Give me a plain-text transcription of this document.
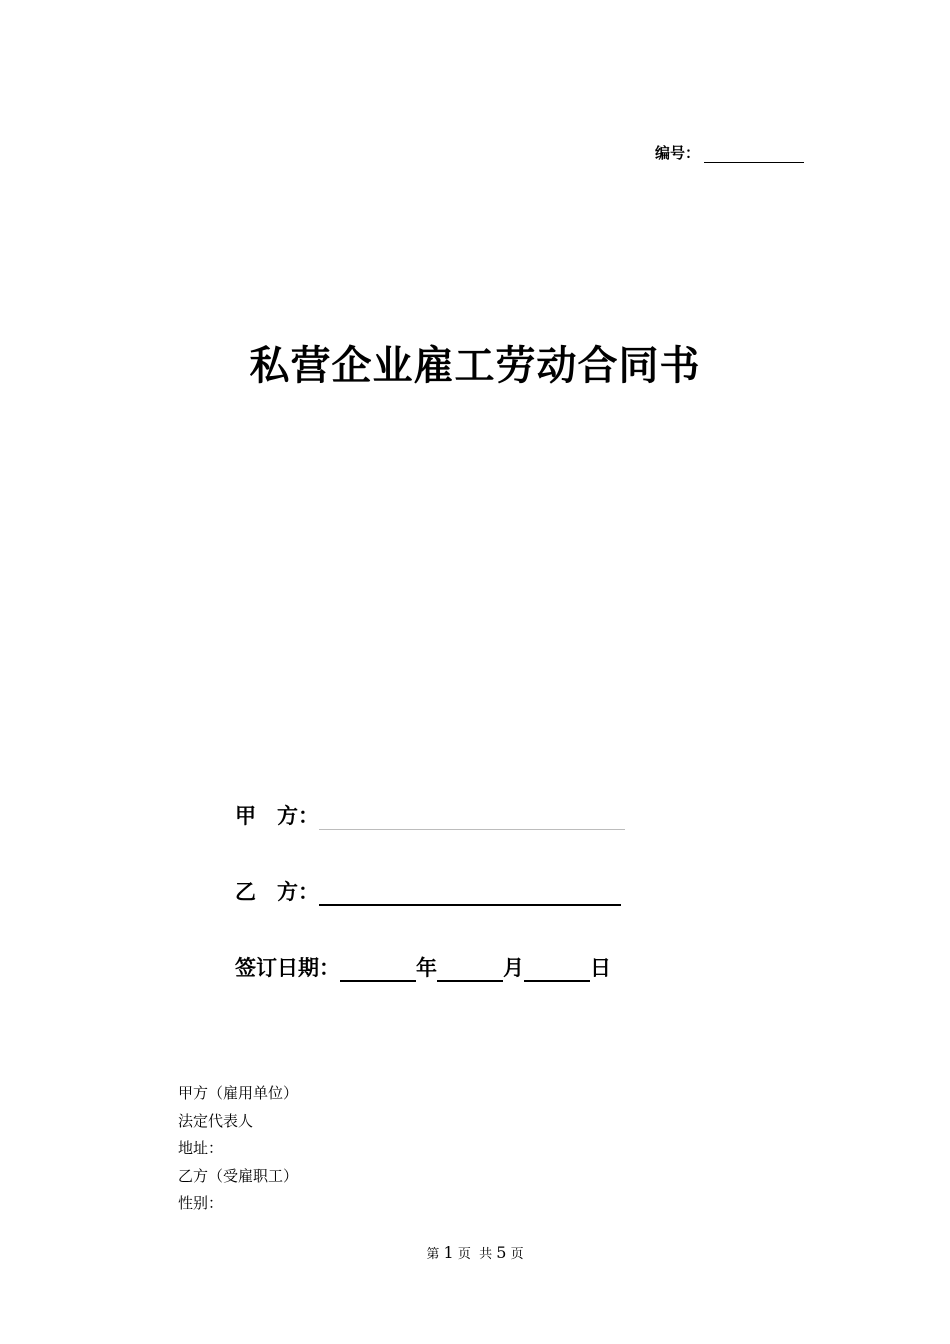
编号：
私营企业雇工劳动合同书
甲 方：
乙 方：
签订日期：	年	月	日
甲方（雇用单位）
法定代表人
地址：
乙方（受雇职工）
性别：
第 1 页 共 5 页
